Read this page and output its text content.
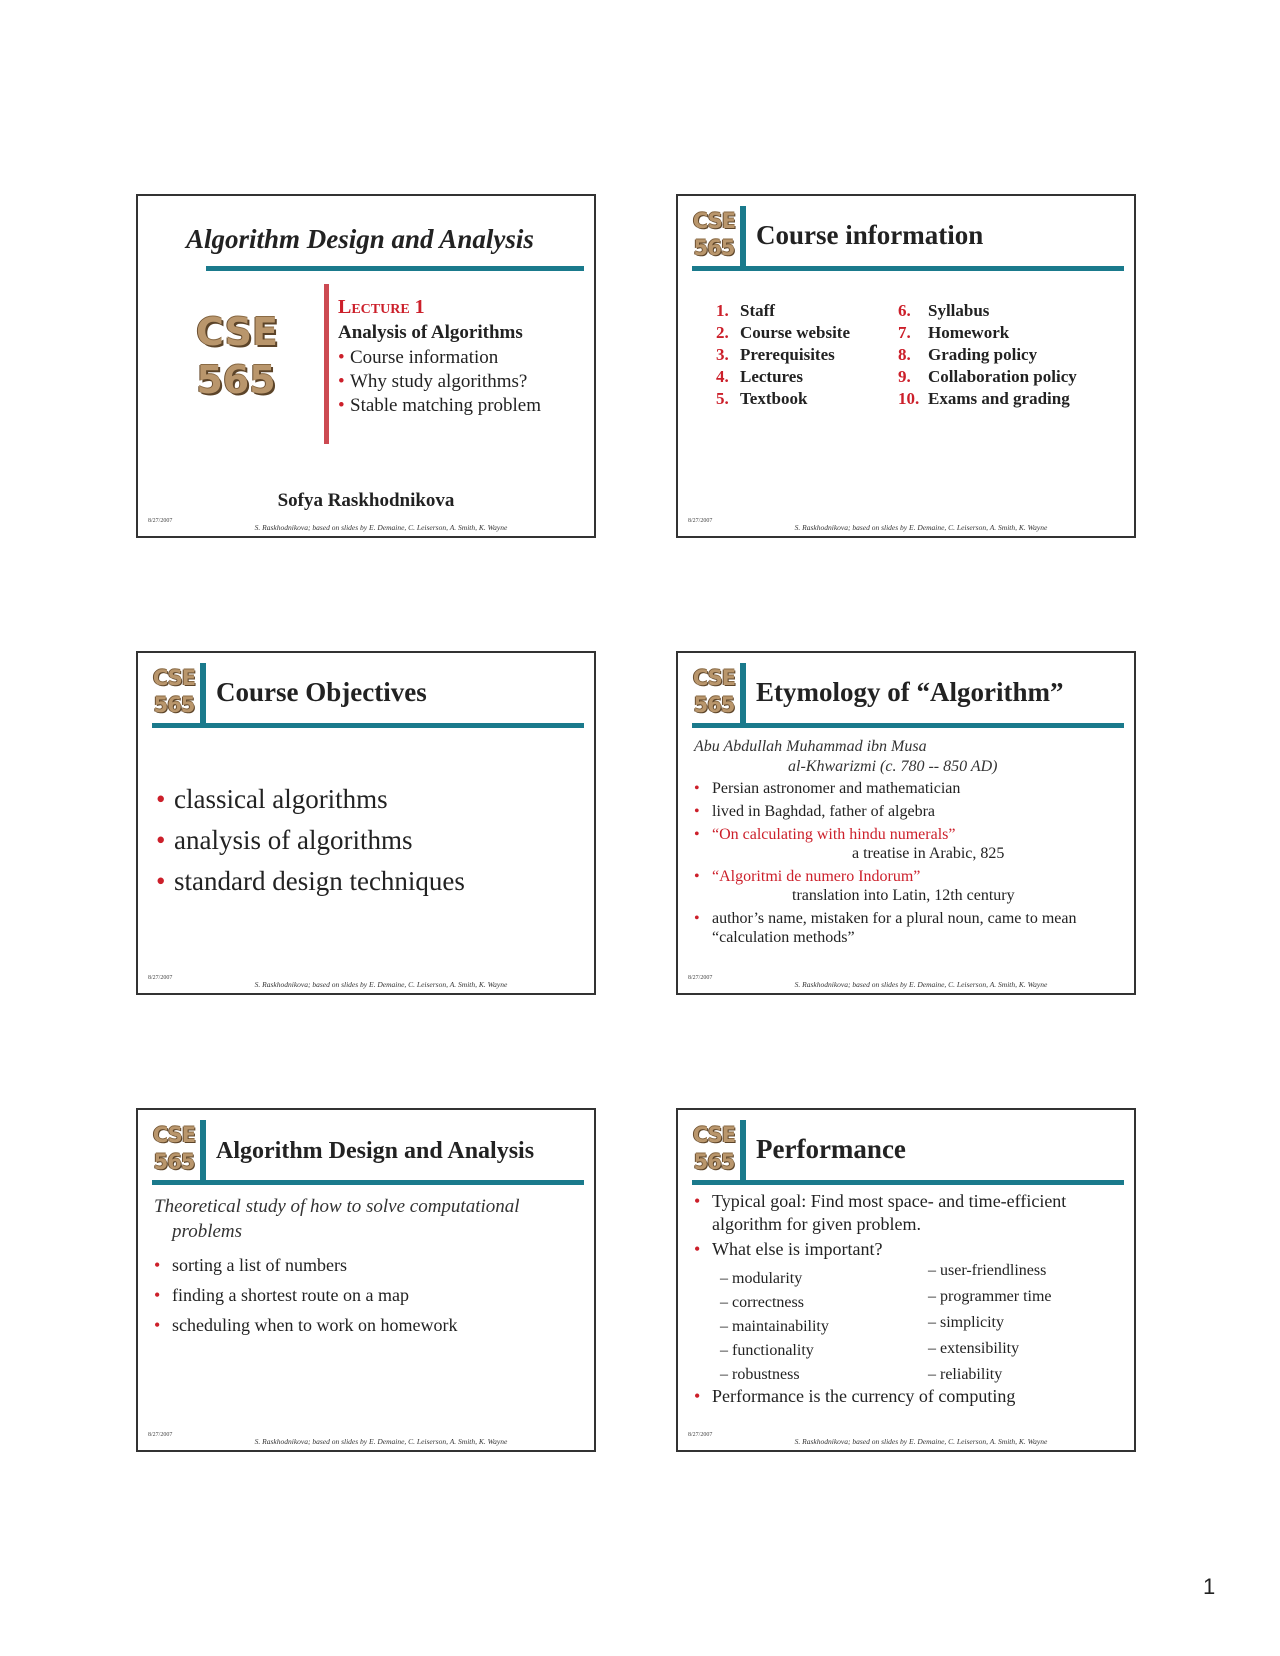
Algorithm Design and Analysis
CSE
565
Lecture 1
Analysis of Algorithms
• Course information
• Why study algorithms?
• Stable matching problem
Sofya Raskhodnikova
8/27/2007
S. Raskhodnikova; based on slides by E. Demaine, C. Leiserson, A. Smith, K. Wayne
CSE
565 Course information
1. Staff
2. Course website
3. Prerequisites
4. Lectures
5. Textbook
6. Syllabus
7. Homework
8. Grading policy
9. Collaboration policy
10. Exams and grading
8/27/2007
S. Raskhodnikova; based on slides by E. Demaine, C. Leiserson, A. Smith, K. Wayne
CSE
565 Course Objectives
• classical algorithms
• analysis of algorithms
• standard design techniques
8/27/2007
S. Raskhodnikova; based on slides by E. Demaine, C. Leiserson, A. Smith, K. Wayne
CSE
565 Etymology of “Algorithm”
Abu Abdullah Muhammad ibn Musa
al-Khwarizmi (c. 780 -- 850 AD)
• Persian astronomer and mathematician
• lived in Baghdad, father of algebra
• “On calculating with hindu numerals”
a treatise in Arabic, 825
• “Algoritmi de numero Indorum”
translation into Latin, 12th century
• author’s name, mistaken for a plural noun, came to mean “calculation methods”
8/27/2007
S. Raskhodnikova; based on slides by E. Demaine, C. Leiserson, A. Smith, K. Wayne
CSE
565 Algorithm Design and Analysis
Theoretical study of how to solve computational
problems
• sorting a list of numbers
• finding a shortest route on a map
• scheduling when to work on homework
8/27/2007
S. Raskhodnikova; based on slides by E. Demaine, C. Leiserson, A. Smith, K. Wayne
CSE
565 Performance
• Typical goal: Find most space- and time-efficient algorithm for given problem.
• What else is important?
– modularity
– correctness
– maintainability
– functionality
– robustness
– user-friendliness
– programmer time
– simplicity
– extensibility
– reliability
• Performance is the currency of computing
8/27/2007
S. Raskhodnikova; based on slides by E. Demaine, C. Leiserson, A. Smith, K. Wayne
1
